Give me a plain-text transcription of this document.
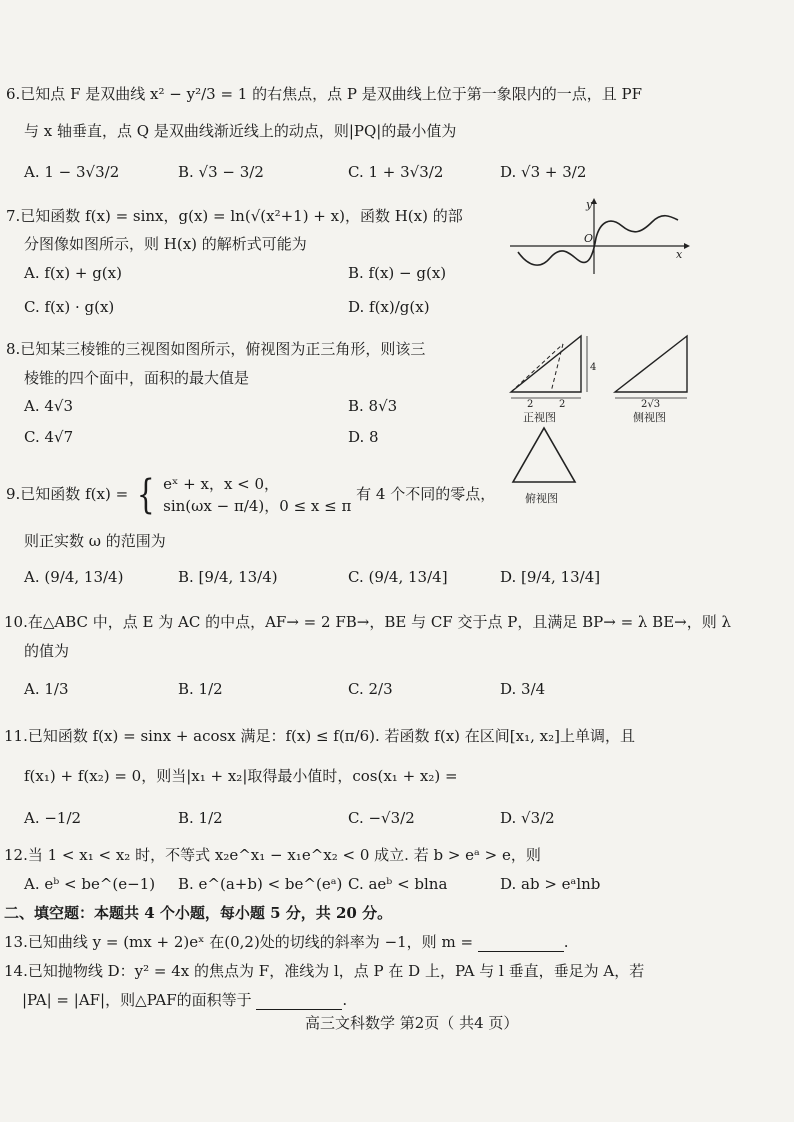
6.已知点 F 是双曲线 x² − y²/3 = 1 的右焦点，点 P 是双曲线上位于第一象限内的一点，且 PF
与 x 轴垂直，点 Q 是双曲线渐近线上的动点，则|PQ|的最小值为
A. 1 − 3√3/2	B. √3 − 3/2	C. 1 + 3√3/2	D. √3 + 3/2
7.已知函数 f(x) = sinx，g(x) = ln(√(x²+1) + x)，函数 H(x) 的部
分图像如图所示，则 H(x) 的解析式可能为
A. f(x) + g(x)	B. f(x) − g(x)
C. f(x) · g(x)	D. f(x)/g(x)
y
O
x
8.已知某三棱锥的三视图如图所示，俯视图为正三角形，则该三
棱锥的四个面中，面积的最大值是
A. 4√3	B. 8√3
C. 4√7	D. 8
4
2	2
正视图
2√3
侧视图
俯视图
9.已知函数 f(x) = { eˣ + x，x < 0，
sin(ωx − π/4)，0 ≤ x ≤ π
有 4 个不同的零点，
则正实数 ω 的范围为
A. (9/4, 13/4)	B. [9/4, 13/4)	C. (9/4, 13/4]	D. [9/4, 13/4]
10.在△ABC 中，点 E 为 AC 的中点，AF→ = 2 FB→，BE 与 CF 交于点 P，且满足 BP→ = λ BE→，则 λ
的值为
A. 1/3	B. 1/2	C. 2/3	D. 3/4
11.已知函数 f(x) = sinx + acosx 满足：f(x) ≤ f(π/6). 若函数 f(x) 在区间[x₁, x₂]上单调，且
f(x₁) + f(x₂) = 0，则当|x₁ + x₂|取得最小值时，cos(x₁ + x₂) =
A. −1/2	B. 1/2	C. −√3/2	D. √3/2
12.当 1 < x₁ < x₂ 时，不等式 x₂e^x₁ − x₁e^x₂ < 0 成立. 若 b > eᵃ > e，则
A. eᵇ < be^(e−1) B. e^(a+b) < be^(eᵃ) C. aeᵇ < blna	D. ab > eᵃlnb
二、填空题：本题共 4 个小题，每小题 5 分，共 20 分。
13.已知曲线 y = (mx + 2)eˣ 在(0,2)处的切线的斜率为 −1，则 m =	.
14.已知抛物线 D：y² = 4x 的焦点为 F，准线为 l，点 P 在 D 上，PA 与 l 垂直，垂足为 A，若
|PA| = |AF|，则△PAF的面积等于	.
高三文科数学 第2页（ 共4 页）
